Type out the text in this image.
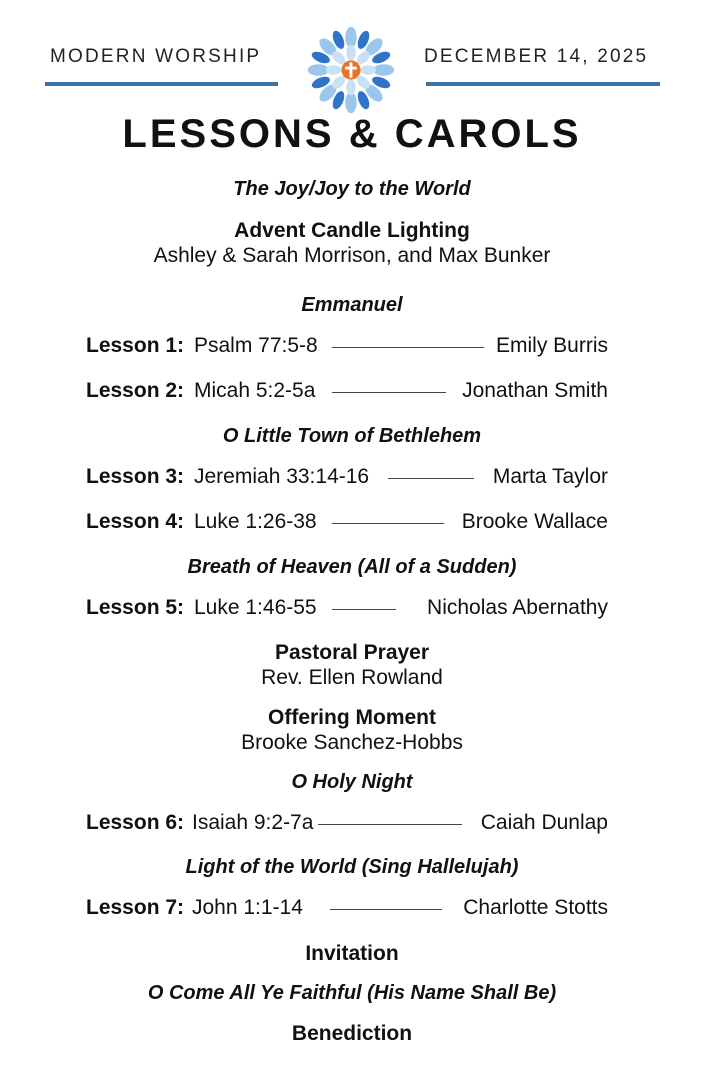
MODERN WORSHIP	DECEMBER 14, 2025
LESSONS & CAROLS
The Joy/Joy to the World
Advent Candle Lighting
Ashley & Sarah Morrison, and Max Bunker
Emmanuel
Lesson 1: Psalm 77:5-8	Emily Burris
Lesson 2: Micah 5:2-5a	Jonathan Smith
O Little Town of Bethlehem
Lesson 3: Jeremiah 33:14-16	Marta Taylor
Lesson 4: Luke 1:26-38	Brooke Wallace
Breath of Heaven (All of a Sudden)
Lesson 5: Luke 1:46-55	Nicholas Abernathy
Pastoral Prayer
Rev. Ellen Rowland
Offering Moment
Brooke Sanchez-Hobbs
O Holy Night
Lesson 6: Isaiah 9:2-7a	Caiah Dunlap
Light of the World (Sing Hallelujah)
Lesson 7: John 1:1-14	Charlotte Stotts
Invitation
O Come All Ye Faithful (His Name Shall Be)
Benediction
